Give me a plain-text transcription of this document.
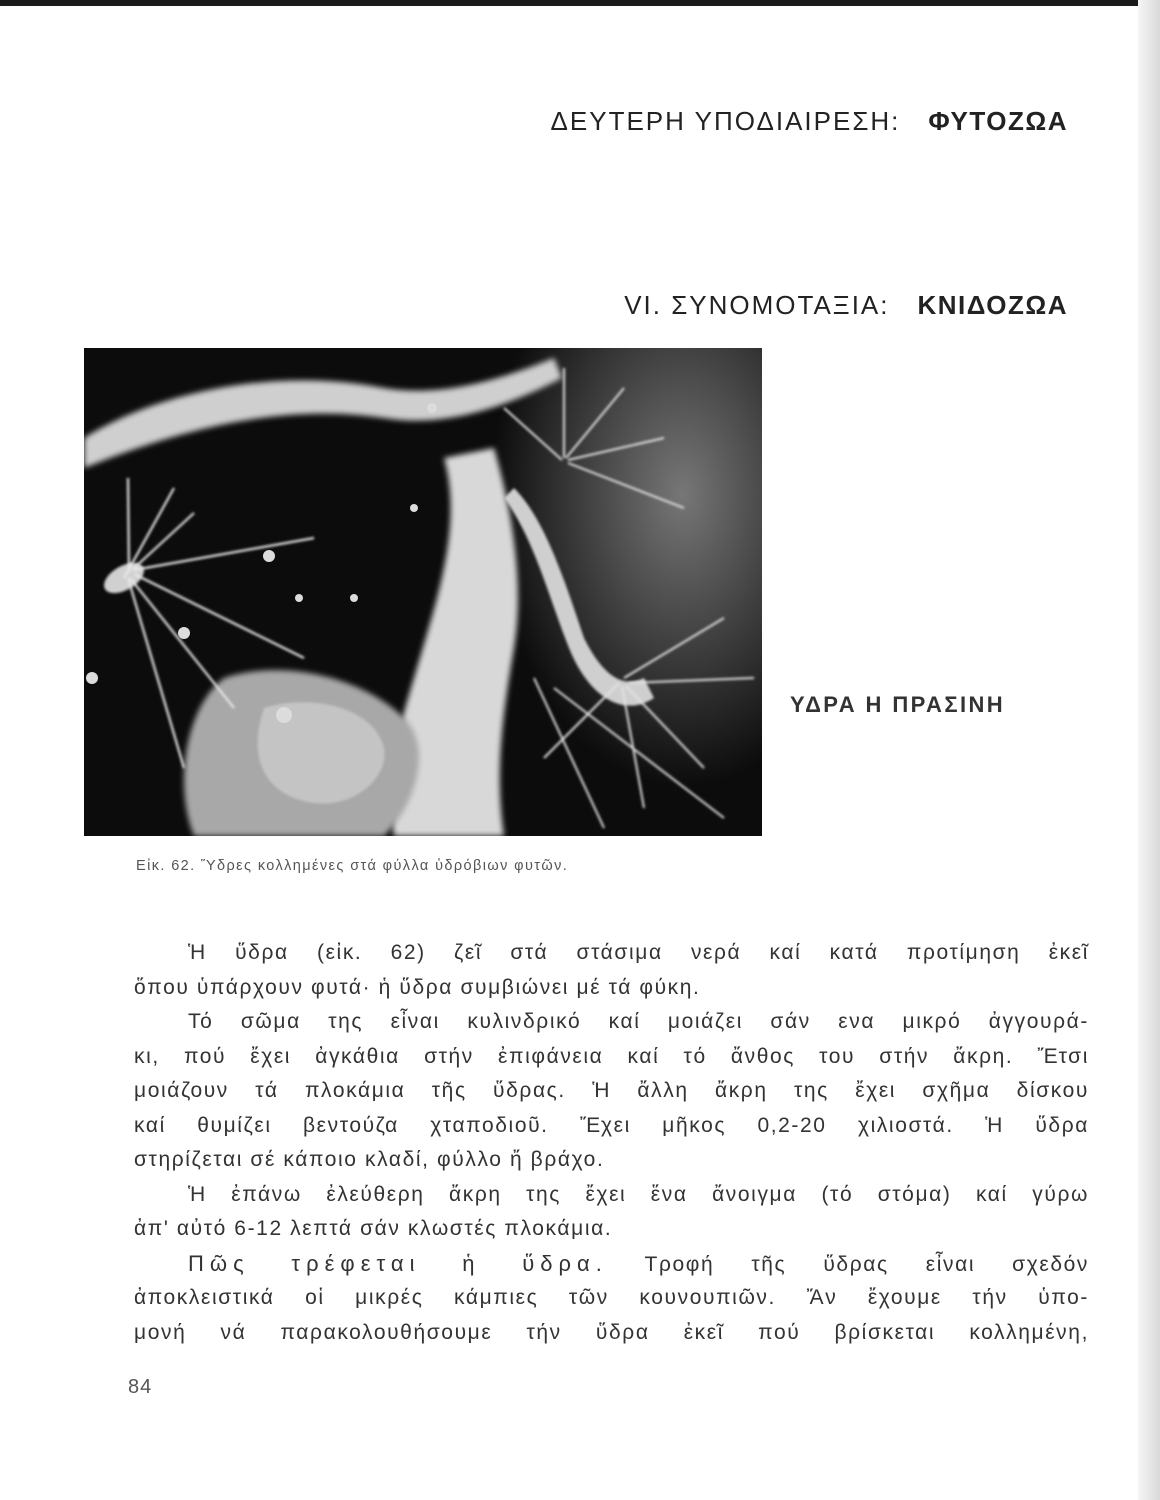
ΔΕΥΤΕΡΗ ΥΠΟΔΙΑΙΡΕΣΗ: ΦΥΤΟΖΩΑ
VI. ΣΥΝΟΜΟΤΑΞΙΑ: ΚΝΙΔΟΖΩΑ
ΥΔΡΑ Η ΠΡΑΣΙΝΗ
Εἰκ. 62. Ὕδρες κολλημένες στά φύλλα ὑδρόβιων φυτῶν.
Ἡ ὕδρα (εἰκ. 62) ζεῖ στά στάσιμα νερά καί κατά προτίμηση ἐκεῖ
ὅπου ὑπάρχουν φυτά· ἡ ὕδρα συμβιώνει μέ τά φύκη.
Τό σῶμα της εἶναι κυλινδρικό καί μοιάζει σάν ενα μικρό ἀγγουρά-
κι, πού ἔχει ἀγκάθια στήν ἐπιφάνεια καί τό ἄνθος του στήν ἄκρη. Ἔτσι
μοιάζουν τά πλοκάμια τῆς ὕδρας. Ἡ ἄλλη ἄκρη της ἔχει σχῆμα δίσκου
καί θυμίζει βεντούζα χταποδιοῦ. Ἔχει μῆκος 0,2-20 χιλιοστά. Ἡ ὕδρα
στηρίζεται σέ κάποιο κλαδί, φύλλο ἤ βράχο.
Ἡ ἐπάνω ἐλεύθερη ἄκρη της ἔχει ἕνα ἄνοιγμα (τό στόμα) καί γύρω
ἀπ' αὐτό 6-12 λεπτά σάν κλωστές πλοκάμια.
Πῶς τρέφεται ἡ ὕδρα. Τροφή τῆς ὕδρας εἶναι σχεδόν
ἀποκλειστικά οἱ μικρές κάμπιες τῶν κουνουπιῶν. Ἄν ἔχουμε τήν ὑπο-
μονή νά παρακολουθήσουμε τήν ὕδρα ἐκεῖ πού βρίσκεται κολλημένη,
84
